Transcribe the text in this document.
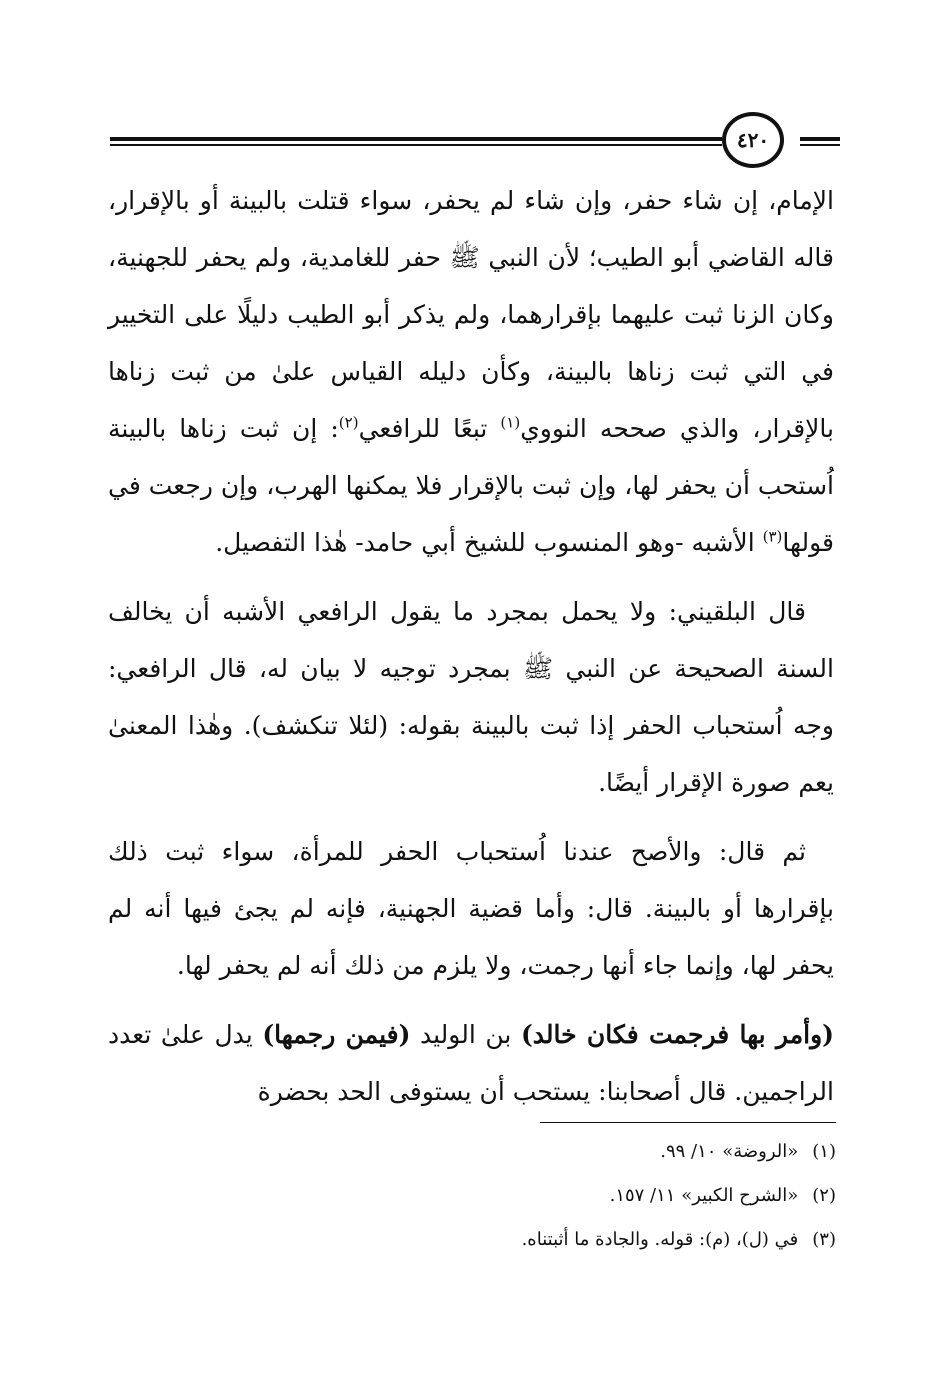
٤٢٠

الإمام، إن شاء حفر، وإن شاء لم يحفر، سواء قتلت بالبينة أو بالإقرار، قاله القاضي أبو الطيب؛ لأن النبي ﷺ حفر للغامدية، ولم يحفر للجهنية، وكان الزنا ثبت عليهما بإقرارهما، ولم يذكر أبو الطيب دليلًا على التخيير في التي ثبت زناها بالبينة، وكأن دليله القياس علىٰ من ثبت زناها بالإقرار، والذي صححه النووي$^{(١)}$ تبعًا للرافعي$^{(٢)}$: إن ثبت زناها بالبينة اُستحب أن يحفر لها، وإن ثبت بالإقرار فلا يمكنها الهرب، وإن رجعت في قولها$^{(٣)}$ الأشبه -وهو المنسوب للشيخ أبي حامد- هٰذا التفصيل.

قال البلقيني: ولا يحمل بمجرد ما يقول الرافعي الأشبه أن يخالف السنة الصحيحة عن النبي ﷺ بمجرد توجيه لا بيان له، قال الرافعي: وجه اُستحباب الحفر إذا ثبت بالبينة بقوله: (لئلا تنكشف). وهٰذا المعنىٰ يعم صورة الإقرار أيضًا.

ثم قال: والأصح عندنا اُستحباب الحفر للمرأة، سواء ثبت ذلك بإقرارها أو بالبينة. قال: وأما قضية الجهنية، فإنه لم يجئ فيها أنه لم يحفر لها، وإنما جاء أنها رجمت، ولا يلزم من ذلك أنه لم يحفر لها.

(وأمر بها فرجمت فكان خالد) بن الوليد (فيمن رجمها) يدل علىٰ تعدد الراجمين. قال أصحابنا: يستحب أن يستوفى الحد بحضرة

(١)«الروضة» ١٠/ ٩٩.

(٢)«الشرح الكبير» ١١/ ١٥٧.

(٣)في (ل)، (م): قوله. والجادة ما أثبتناه.
